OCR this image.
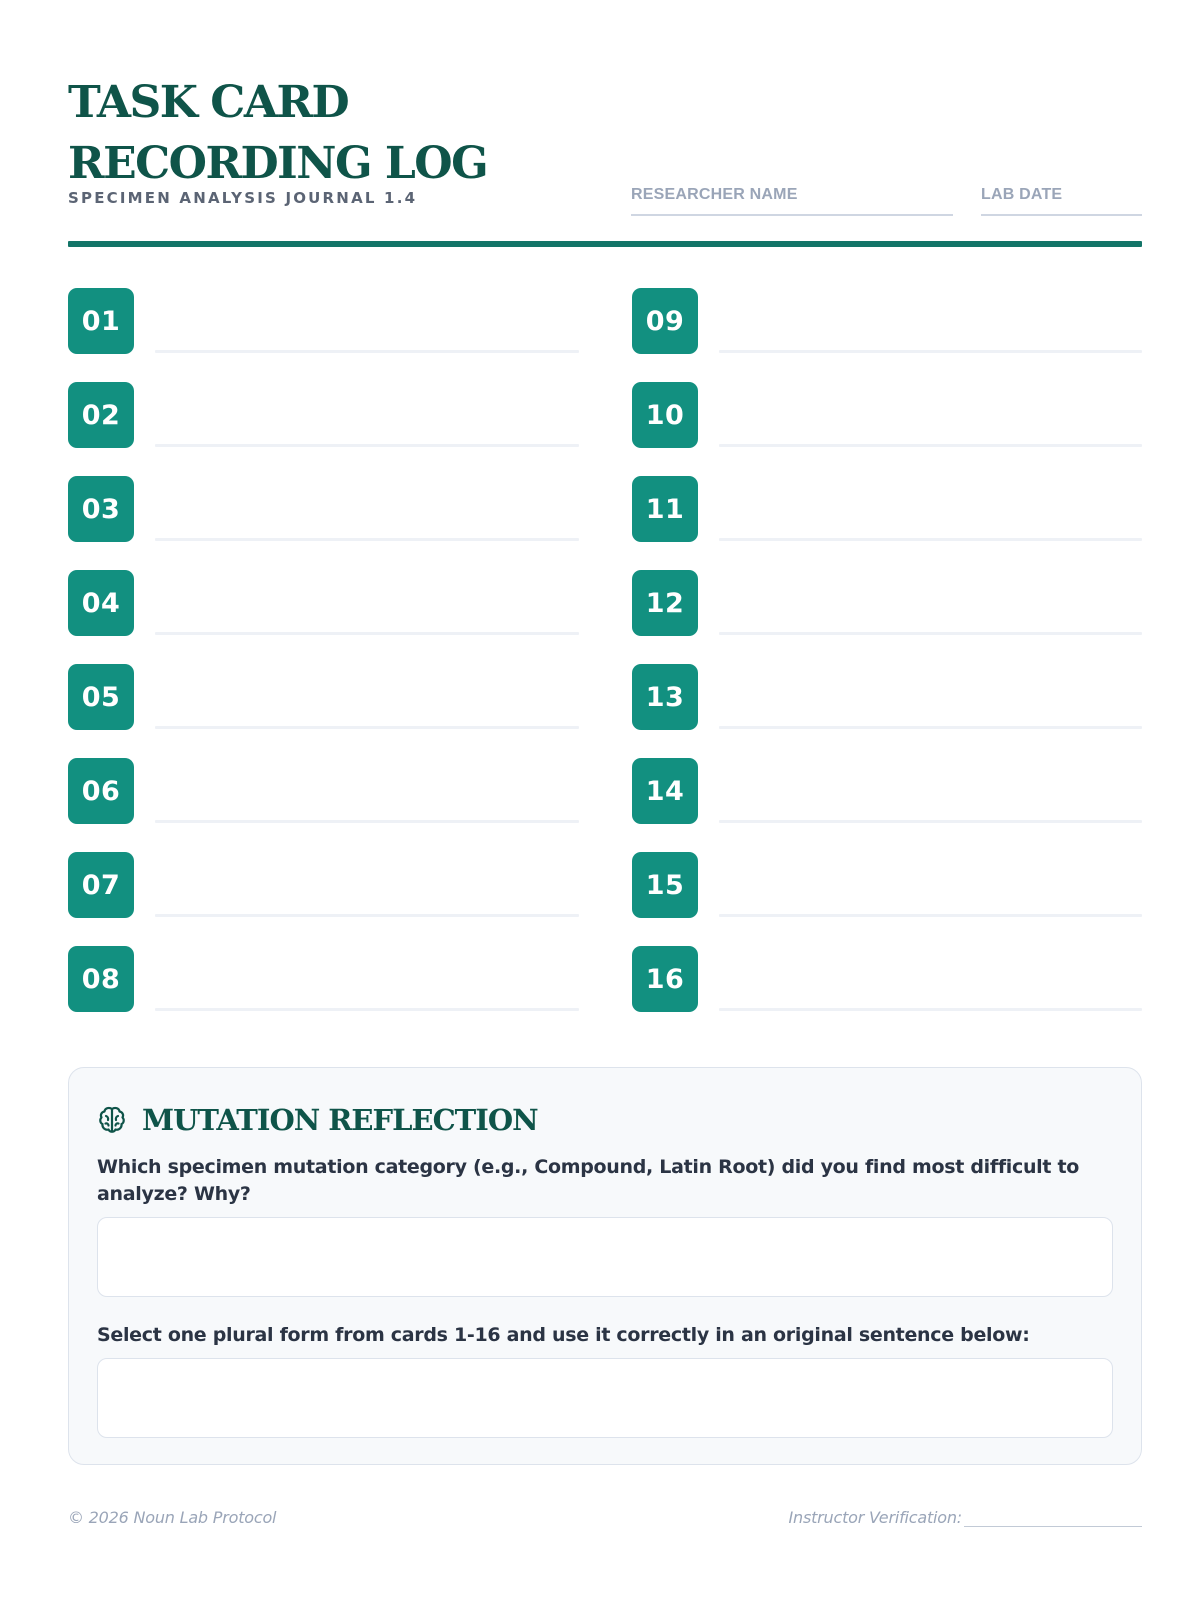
TASK CARD
RECORDING LOG
SPECIMEN ANALYSIS JOURNAL 1.4	RESEARCHER NAME	LAB DATE
01
02
03
04
05
06
07
08
09
10
11
12
13
14
15
16
MUTATION REFLECTION
Which specimen mutation category (e.g., Compound, Latin Root) did you find most difficult to analyze? Why?
Select one plural form from cards 1-16 and use it correctly in an original sentence below:
© 2026 Noun Lab Protocol	Instructor Verification:
